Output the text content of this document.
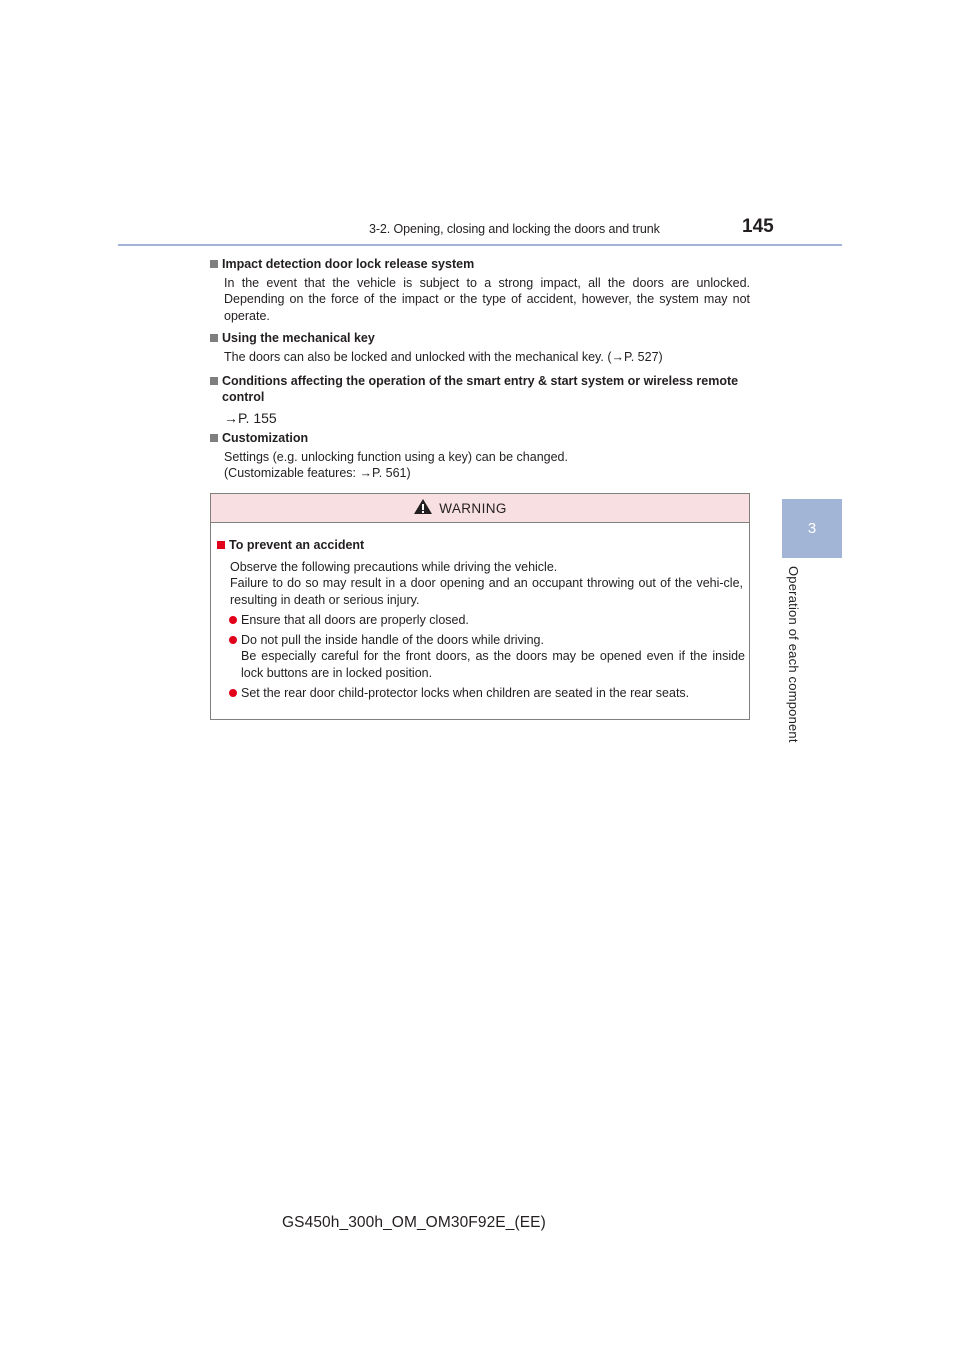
3-2. Opening, closing and locking the doors and trunk	145
3
Operation of each component
Impact detection door lock release system
In the event that the vehicle is subject to a strong impact, all the doors are unlocked. Depending on the force of the impact or the type of accident, however, the system may not operate.
Using the mechanical key
The doors can also be locked and unlocked with the mechanical key. (→P. 527)
Conditions affecting the operation of the smart entry & start system or wireless remote control
→P. 155
Customization
Settings (e.g. unlocking function using a key) can be changed.
(Customizable features: →P. 561)
WARNING
To prevent an accident
Observe the following precautions while driving the vehicle.
Failure to do so may result in a door opening and an occupant throwing out of the vehi-cle, resulting in death or serious injury.
Ensure that all doors are properly closed.
Do not pull the inside handle of the doors while driving.
Be especially careful for the front doors, as the doors may be opened even if the inside lock buttons are in locked position.
Set the rear door child-protector locks when children are seated in the rear seats.
GS450h_300h_OM_OM30F92E_(EE)
